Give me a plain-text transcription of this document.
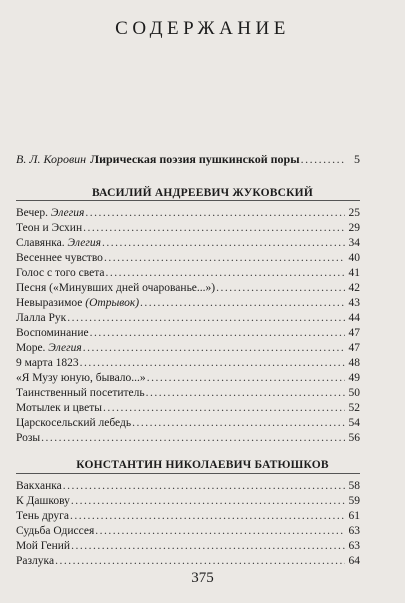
СОДЕРЖАНИЕ
В. Л. Коровин Лирическая поэзия пушкинской поры .....	5
ВАСИЛИЙ АНДРЕЕВИЧ ЖУКОВСКИЙ
Вечер. Элегия .....	25
Теон и Эсхин .....	29
Славянка. Элегия .....	34
Весеннее чувство .....	40
Голос с того света .....	41
Песня («Минувших дней очарованье...») .....	42
Невыразимое (Отрывок) .....	43
Лалла Рук .....	44
Воспоминание .....	47
Море. Элегия .....	47
9 марта 1823 .....	48
«Я Музу юную, бывало...» .....	49
Таинственный посетитель .....	50
Мотылек и цветы .....	52
Царскосельский лебедь .....	54
Розы .....	56
КОНСТАНТИН НИКОЛАЕВИЧ БАТЮШКОВ
Вакханка .....	58
К Дашкову .....	59
Тень друга .....	61
Судьба Одиссея .....	63
Мой Гений .....	63
Разлука .....	64
375
